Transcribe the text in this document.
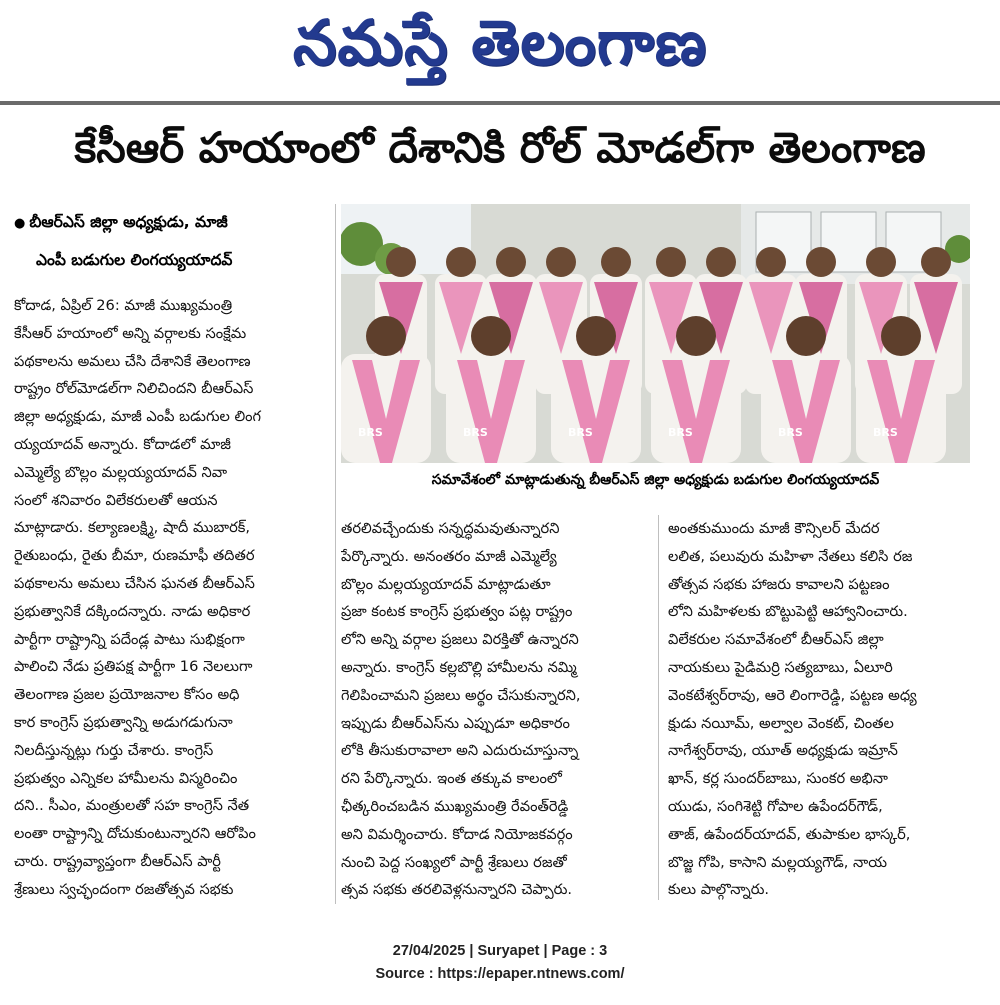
నమస్తే తెలంగాణ
కేసీఆర్ హయాంలో దేశానికి రోల్ మోడల్‌గా తెలంగాణ
● బీఆర్ఎస్ జిల్లా అధ్యక్షుడు, మాజీ
ఎంపీ బడుగుల లింగయ్యయాదవ్
BRS	BRS	BRS	BRS	BRS	BRS
సమావేశంలో మాట్లాడుతున్న బీఆర్ఎస్ జిల్లా అధ్యక్షుడు బడుగుల లింగయ్యయాదవ్
కోదాడ, ఏప్రిల్ 26: మాజీ ముఖ్యమంత్రి
కేసీఆర్ హయాంలో అన్ని వర్గాలకు సంక్షేమ
పథకాలను అమలు చేసి దేశానికే తెలంగాణ
రాష్ట్రం రోల్‌మోడల్‌గా నిలిచిందని బీఆర్ఎస్
జిల్లా అధ్యక్షుడు, మాజీ ఎంపీ బడుగుల లింగ
య్యయాదవ్ అన్నారు. కోదాడలో మాజీ
ఎమ్మెల్యే బొల్లం మల్లయ్యయాదవ్ నివా
సంలో శనివారం విలేకరులతో ఆయన
మాట్లాడారు. కల్యాణలక్ష్మి, షాదీ ముబారక్,
రైతుబంధు, రైతు బీమా, రుణమాఫీ తదితర
పథకాలను అమలు చేసిన ఘనత బీఆర్ఎస్
ప్రభుత్వానికే దక్కిందన్నారు. నాడు అధికార
పార్టీగా రాష్ట్రాన్ని పదేండ్ల పాటు సుభిక్షంగా
పాలించి నేడు ప్రతిపక్ష పార్టీగా 16 నెలలుగా
తెలంగాణ ప్రజల ప్రయోజనాల కోసం అధి
కార కాంగ్రెస్ ప్రభుత్వాన్ని అడుగడుగునా
నిలదీస్తున్నట్లు గుర్తు చేశారు. కాంగ్రెస్
ప్రభుత్వం ఎన్నికల హామీలను విస్మరించిం
దని.. సీఎం, మంత్రులతో సహ కాంగ్రెస్ నేత
లంతా రాష్ట్రాన్ని దోచుకుంటున్నారని ఆరోపిం
చారు. రాష్ట్రవ్యాప్తంగా బీఆర్ఎస్ పార్టీ
శ్రేణులు స్వచ్ఛందంగా రజతోత్సవ సభకు
తరలివచ్చేందుకు సన్నద్ధమవుతున్నారని
పేర్కొన్నారు. అనంతరం మాజీ ఎమ్మెల్యే
బొల్లం మల్లయ్యయాదవ్ మాట్లాడుతూ
ప్రజా కంటక కాంగ్రెస్ ప్రభుత్వం పట్ల రాష్ట్రం
లోని అన్ని వర్గాల ప్రజలు విరక్తితో ఉన్నారని
అన్నారు. కాంగ్రెస్ కల్లబొల్లి హామీలను నమ్మి
గెలిపించామని ప్రజలు అర్థం చేసుకున్నారని,
ఇప్పుడు బీఆర్ఎస్‌ను ఎప్పుడూ అధికారం
లోకి తీసుకురావాలా అని ఎదురుచూస్తున్నా
రని పేర్కొన్నారు. ఇంత తక్కువ కాలంలో
ఛీత్కరించబడిన ముఖ్యమంత్రి రేవంత్‌రెడ్డి
అని విమర్శించారు. కోదాడ నియోజకవర్గం
నుంచి పెద్ద సంఖ్యలో పార్టీ శ్రేణులు రజతో
త్సవ సభకు తరలివెళ్లనున్నారని చెప్పారు.
అంతకుముందు మాజీ కౌన్సిలర్ మేదర
లలిత, పలువురు మహిళా నేతలు కలిసి రజ
తోత్సవ సభకు హాజరు కావాలని పట్టణం
లోని మహిళలకు బొట్టుపెట్టి ఆహ్వానించారు.
విలేకరుల సమావేశంలో బీఆర్ఎస్ జిల్లా
నాయకులు పైడిమర్రి సత్యబాబు, ఏలూరి
వెంకటేశ్వర్‌రావు, ఆరె లింగారెడ్డి, పట్టణ అధ్య
క్షుడు నయీమ్, అల్వాల వెంకట్, చింతల
నాగేశ్వర్‌రావు, యూత్ అధ్యక్షుడు ఇమ్రాన్
ఖాన్, కర్ల సుందర్‌బాబు, సుంకర అభినా
యుడు, సంగిశెట్టి గోపాల ఉపేందర్‌గౌడ్,
తాజ్, ఉపేందర్‌యాదవ్, తుపాకుల భాస్కర్,
బొజ్జ గోపి, కాసాని మల్లయ్యగౌడ్, నాయ
కులు పాల్గొన్నారు.
27/04/2025 | Suryapet | Page : 3
Source : https://epaper.ntnews.com/
